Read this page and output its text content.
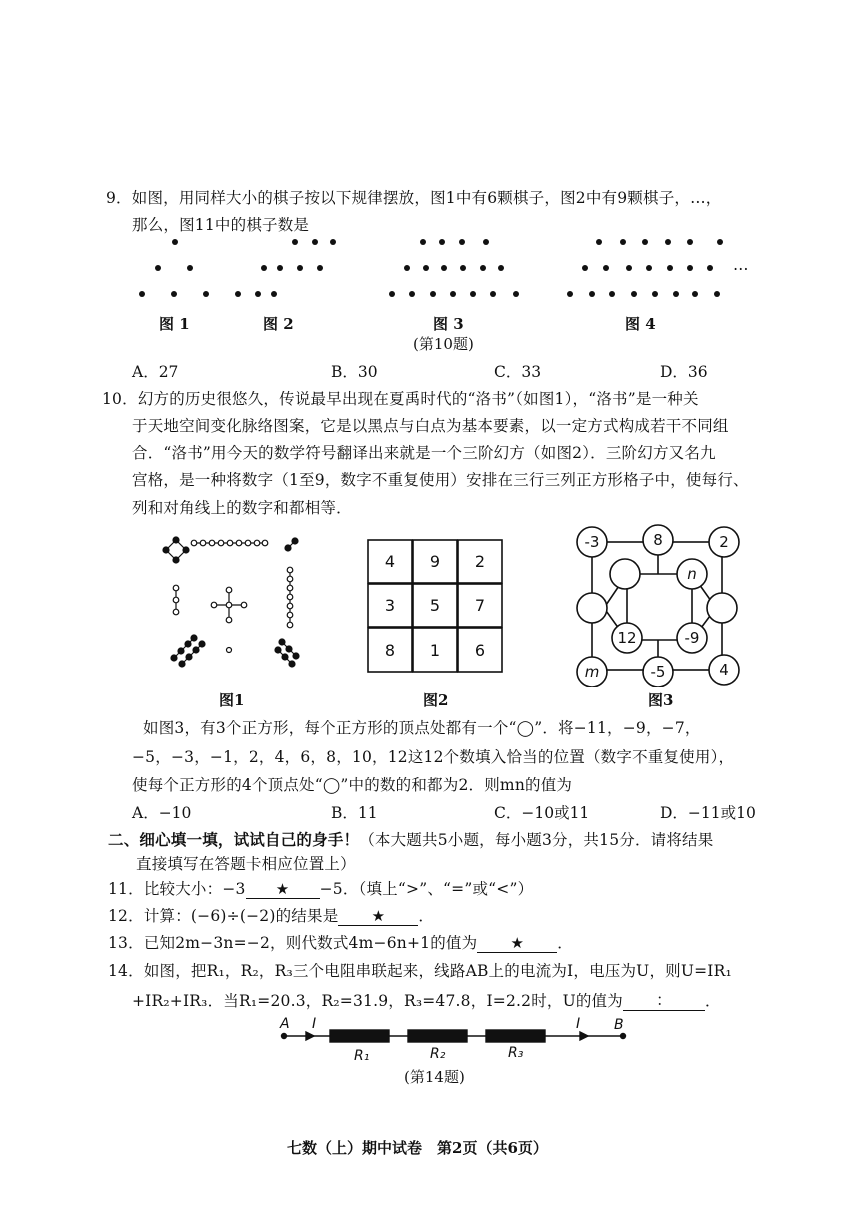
9．如图，用同样大小的棋子按以下规律摆放，图1中有6颗棋子，图2中有9颗棋子，…，
那么，图11中的棋子数是
…
图 1	图 2	图 3	图 4
(第10题)
A．27	B．30	C．33	D．36
10．幻方的历史很悠久，传说最早出现在夏禹时代的“洛书”（如图1），“洛书”是一种关
于天地空间变化脉络图案，它是以黑点与白点为基本要素，以一定方式构成若干不同组
合．“洛书”用今天的数学符号翻译出来就是一个三阶幻方（如图2）．三阶幻方又名九
宫格，是一种将数字（1至9，数字不重复使用）安排在三行三列正方形格子中，使每行、
列和对角线上的数字和都相等．
4 9 2
3 5 7
8 1 6
-3	8	2
n
12	-9
m	-5	4
图1	图2	图3
如图3，有3个正方形，每个正方形的顶点处都有一个“◯”．将−11，−9，−7，
−5，−3，−1，2，4，6，8，10，12这12个数填入恰当的位置（数字不重复使用），
使每个正方形的4个顶点处“◯”中的数的和都为2．则mn的值为
A．−10	B．11	C．−10或11	D．−11或10
二、细心填一填，试试自己的身手！（本大题共5小题，每小题3分，共15分．请将结果
直接填写在答题卡相应位置上）
11．比较大小：−3 ★ −5．（填上“>”、“=”或“<”）
12．计算：(−6)÷(−2)的结果是 ★ ．
13．已知2m−3n=−2，则代数式4m−6n+1的值为 ★ ．
14．如图，把R₁，R₂，R₃三个电阻串联起来，线路AB上的电流为I，电压为U，则U=IR₁
+IR₂+IR₃．当R₁=20.3，R₂=31.9，R₃=47.8，I=2.2时，U的值为 ： ．
A I	I B
R₁	R₂	R₃
(第14题)
七数（上）期中试卷　第2页（共6页）
